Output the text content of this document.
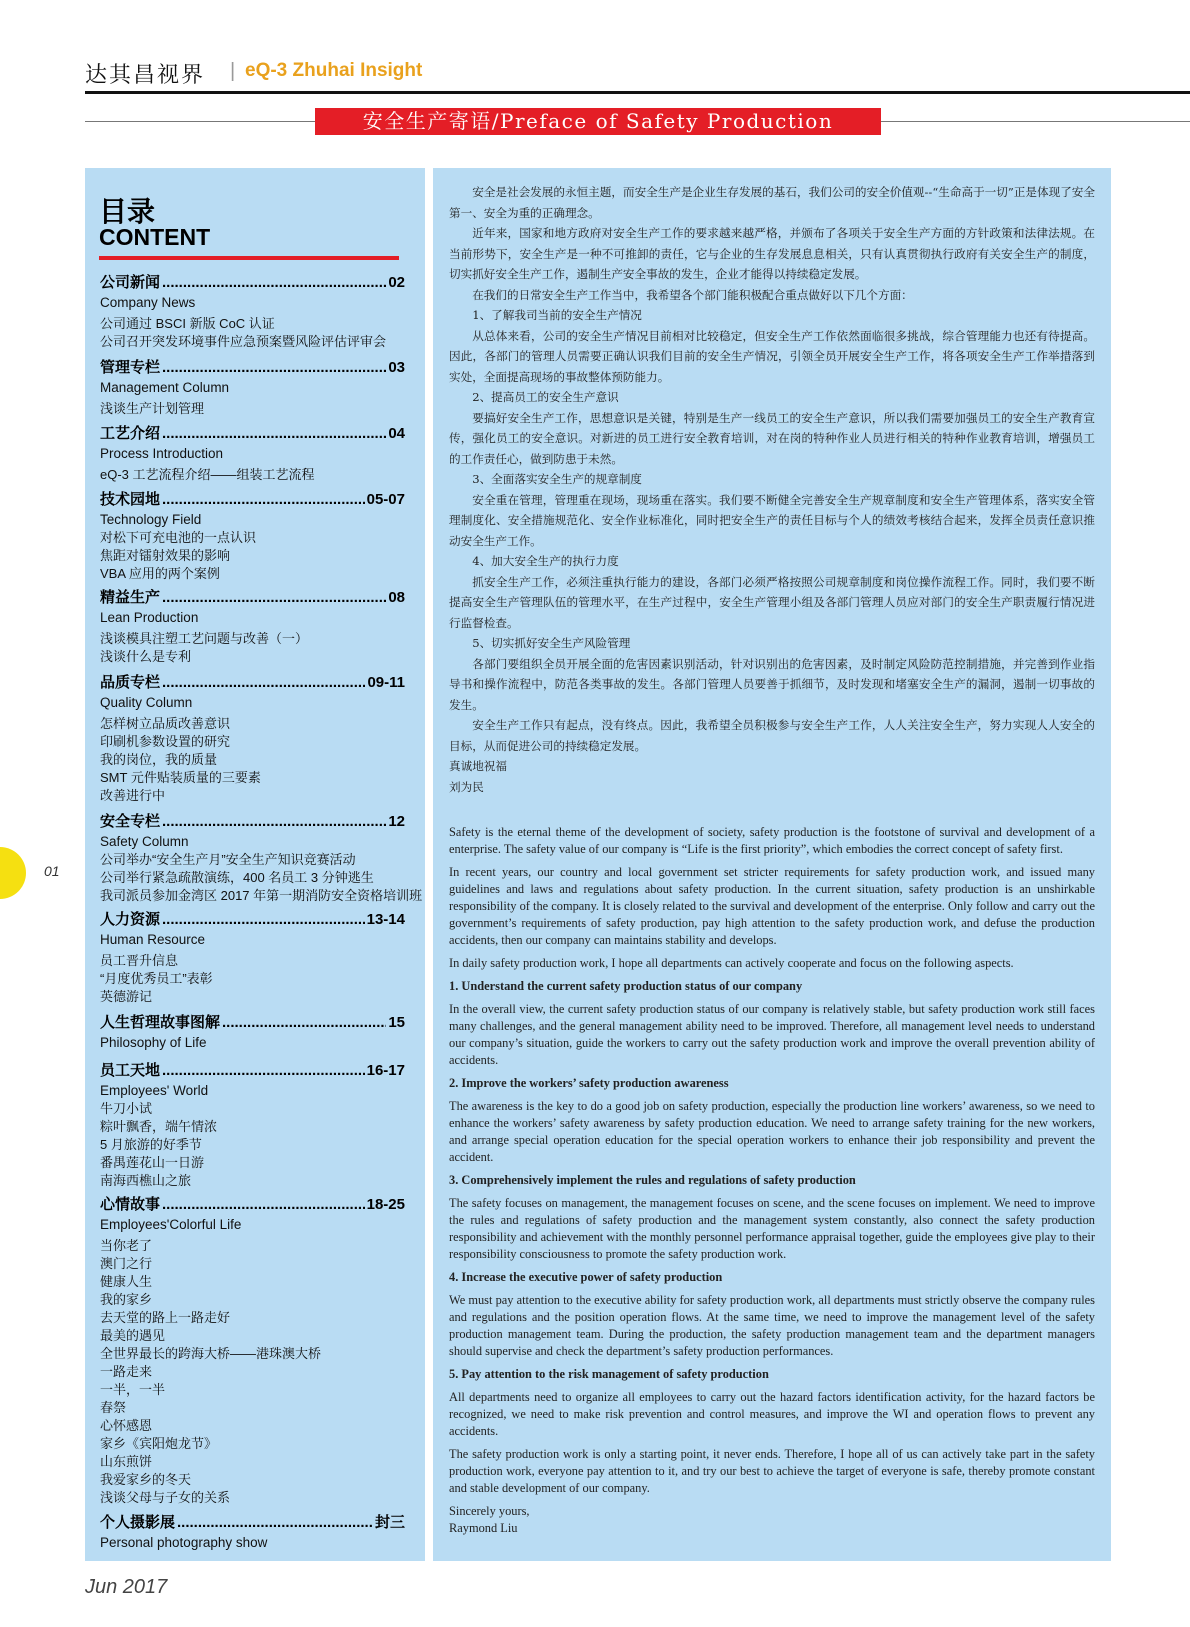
达其昌视界 | eQ-3 Zhuhai Insight
安全生产寄语/Preface of Safety Production
目录
CONTENT
公司新闻 .....	02
Company News
公司通过 BSCI 新版 CoC 认证
公司召开突发环境事件应急预案暨风险评估评审会
管理专栏 .....	03
Management Column
浅谈生产计划管理
工艺介绍 .....	04
Process Introduction
eQ-3 工艺流程介绍——组装工艺流程
技术园地 .....	05-07
Technology Field
对松下可充电池的一点认识
焦距对镭射效果的影响
VBA 应用的两个案例
精益生产 .....	08
Lean Production
浅谈模具注塑工艺问题与改善（一）
浅谈什么是专利
品质专栏 .....	09-11
Quality Column
怎样树立品质改善意识
印刷机参数设置的研究
我的岗位，我的质量
SMT 元件贴装质量的三要素
改善进行中
安全专栏 .....	12
Safety Column
公司举办“安全生产月”安全生产知识竞赛活动
公司举行紧急疏散演练，400 名员工 3 分钟逃生
我司派员参加金湾区 2017 年第一期消防安全资格培训班
人力资源 .....	13-14
Human Resource
员工晋升信息
“月度优秀员工”表彰
英德游记
人生哲理故事图解 .....	15
Philosophy of Life
员工天地 .....	16-17
Employees' World
牛刀小试
粽叶飘香，端午情浓
5 月旅游的好季节
番禺莲花山一日游
南海西樵山之旅
心情故事 .....	18-25
Employees'Colorful Life
当你老了
澳门之行
健康人生
我的家乡
去天堂的路上一路走好
最美的遇见
全世界最长的跨海大桥——港珠澳大桥
一路走来
一半，一半
春祭
心怀感恩
家乡《宾阳炮龙节》
山东煎饼
我爱家乡的冬天
浅谈父母与子女的关系
个人摄影展 .....	封三
Personal photography show

安全是社会发展的永恒主题，而安全生产是企业生存发展的基石，我们公司的安全价值观--“生命高于一切”正是体现了安全第一、安全为重的正确理念。

近年来，国家和地方政府对安全生产工作的要求越来越严格，并颁布了各项关于安全生产方面的方针政策和法律法规。在当前形势下，安全生产是一种不可推卸的责任，它与企业的生存发展息息相关，只有认真贯彻执行政府有关安全生产的制度，切实抓好安全生产工作，遏制生产安全事故的发生，企业才能得以持续稳定发展。

在我们的日常安全生产工作当中，我希望各个部门能积极配合重点做好以下几个方面：

1、了解我司当前的安全生产情况

从总体来看，公司的安全生产情况目前相对比较稳定，但安全生产工作依然面临很多挑战，综合管理能力也还有待提高。因此，各部门的管理人员需要正确认识我们目前的安全生产情况，引领全员开展安全生产工作，将各项安全生产工作举措落到实处，全面提高现场的事故整体预防能力。

2、提高员工的安全生产意识

要搞好安全生产工作，思想意识是关键，特别是生产一线员工的安全生产意识，所以我们需要加强员工的安全生产教育宣传，强化员工的安全意识。对新进的员工进行安全教育培训，对在岗的特种作业人员进行相关的特种作业教育培训，增强员工的工作责任心，做到防患于未然。

3、全面落实安全生产的规章制度

安全重在管理，管理重在现场，现场重在落实。我们要不断健全完善安全生产规章制度和安全生产管理体系，落实安全管理制度化、安全措施规范化、安全作业标准化，同时把安全生产的责任目标与个人的绩效考核结合起来，发挥全员责任意识推动安全生产工作。

4、加大安全生产的执行力度

抓安全生产工作，必须注重执行能力的建设，各部门必须严格按照公司规章制度和岗位操作流程工作。同时，我们要不断提高安全生产管理队伍的管理水平，在生产过程中，安全生产管理小组及各部门管理人员应对部门的安全生产职责履行情况进行监督检查。

5、切实抓好安全生产风险管理

各部门要组织全员开展全面的危害因素识别活动，针对识别出的危害因素，及时制定风险防范控制措施，并完善到作业指导书和操作流程中，防范各类事故的发生。各部门管理人员要善于抓细节，及时发现和堵塞安全生产的漏洞，遏制一切事故的发生。

安全生产工作只有起点，没有终点。因此，我希望全员积极参与安全生产工作，人人关注安全生产，努力实现人人安全的目标，从而促进公司的持续稳定发展。

真诚地祝福

刘为民

Safety is the eternal theme of the development of society, safety production is the footstone of survival and development of a enterprise. The safety value of our company is “Life is the first priority”, which embodies the correct concept of safety first.

In recent years, our country and local government set stricter requirements for safety production work, and issued many guidelines and laws and regulations about safety production. In the current situation, safety production is an unshirkable responsibility of the company. It is closely related to the survival and development of the enterprise. Only follow and carry out the government’s requirements of safety production, pay high attention to the safety production work, and defuse the production accidents, then our company can maintains stability and develops.

In daily safety production work, I hope all departments can actively cooperate and focus on the following aspects.

1. Understand the current safety production status of our company

In the overall view, the current safety production status of our company is relatively stable, but safety production work still faces many challenges, and the general management ability need to be improved. Therefore, all management level needs to understand our company’s situation, guide the workers to carry out the safety production work and improve the overall prevention ability of accidents.

2. Improve the workers’ safety production awareness

The awareness is the key to do a good job on safety production, especially the production line workers’ awareness, so we need to enhance the workers’ safety awareness by safety production education. We need to arrange safety training for the new workers, and arrange special operation education for the special operation workers to enhance their job responsibility and prevent the accident.

3. Comprehensively implement the rules and regulations of safety production

The safety focuses on management, the management focuses on scene, and the scene focuses on implement. We need to improve the rules and regulations of safety production and the management system constantly, also connect the safety production responsibility and achievement with the monthly personnel performance appraisal together, guide the employees give play to their responsibility consciousness to promote the safety production work.

4. Increase the executive power of safety production

We must pay attention to the executive ability for safety production work, all departments must strictly observe the company rules and regulations and the position operation flows. At the same time, we need to improve the management level of the safety production management team. During the production, the safety production management team and the department managers should supervise and check the department’s safety production performances.

5. Pay attention to the risk management of safety production

All departments need to organize all employees to carry out the hazard factors identification activity, for the hazard factors be recognized, we need to make risk prevention and control measures, and improve the WI and operation flows to prevent any accidents.

The safety production work is only a starting point, it never ends. Therefore, I hope all of us can actively take part in the safety production work, everyone pay attention to it, and try our best to achieve the target of everyone is safe, thereby promote constant and stable development of our company.

Sincerely yours,

Raymond Liu

01
Jun 2017
